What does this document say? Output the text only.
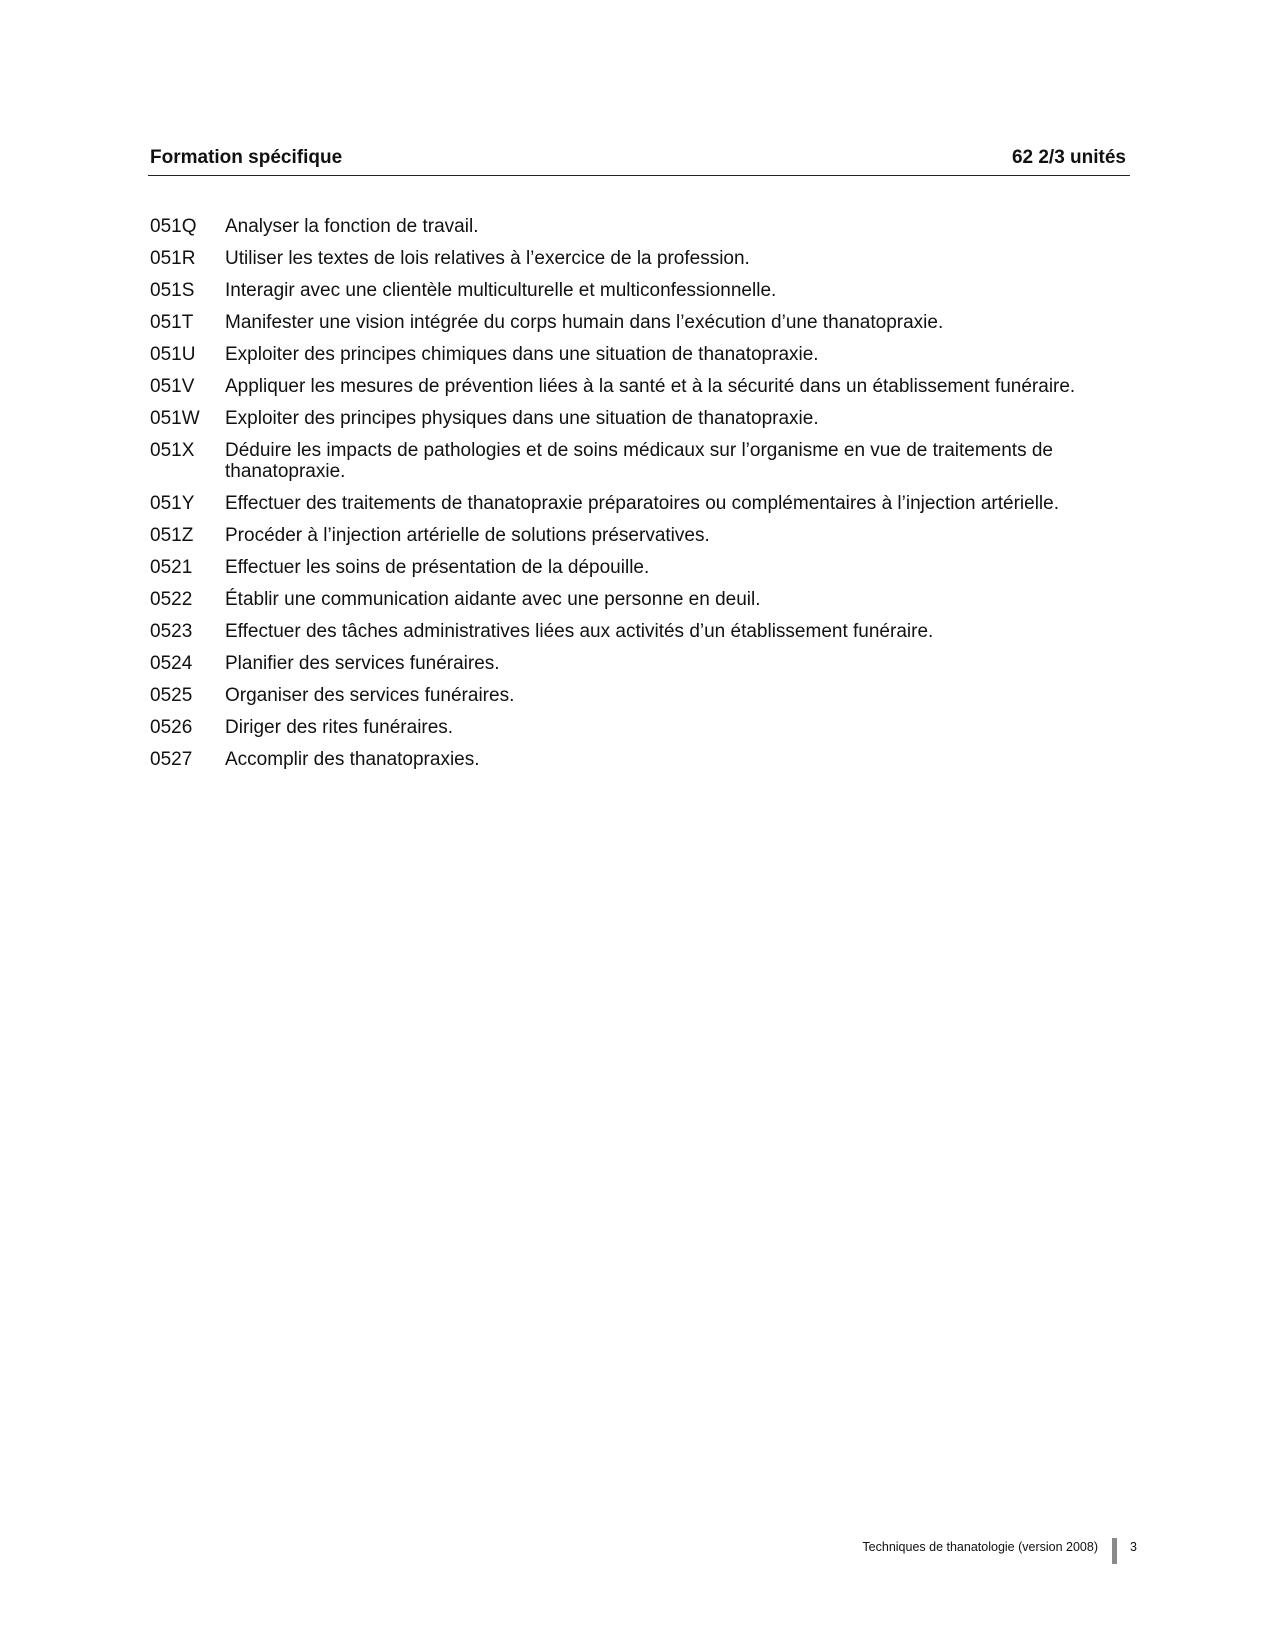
Formation spécifique	62 2/3 unités
051Q	Analyser la fonction de travail.
051R	Utiliser les textes de lois relatives à l’exercice de la profession.
051S	Interagir avec une clientèle multiculturelle et multiconfessionnelle.
051T	Manifester une vision intégrée du corps humain dans l’exécution d’une thanatopraxie.
051U	Exploiter des principes chimiques dans une situation de thanatopraxie.
051V	Appliquer les mesures de prévention liées à la santé et à la sécurité dans un établissement funéraire.
051W	Exploiter des principes physiques dans une situation de thanatopraxie.
051X	Déduire les impacts de pathologies et de soins médicaux sur l’organisme en vue de traitements de thanatopraxie.
051Y	Effectuer des traitements de thanatopraxie préparatoires ou complémentaires à l’injection artérielle.
051Z	Procéder à l’injection artérielle de solutions préservatives.
0521	Effectuer les soins de présentation de la dépouille.
0522	Établir une communication aidante avec une personne en deuil.
0523	Effectuer des tâches administratives liées aux activités d’un établissement funéraire.
0524	Planifier des services funéraires.
0525	Organiser des services funéraires.
0526	Diriger des rites funéraires.
0527	Accomplir des thanatopraxies.
Techniques de thanatologie (version 2008)	3
